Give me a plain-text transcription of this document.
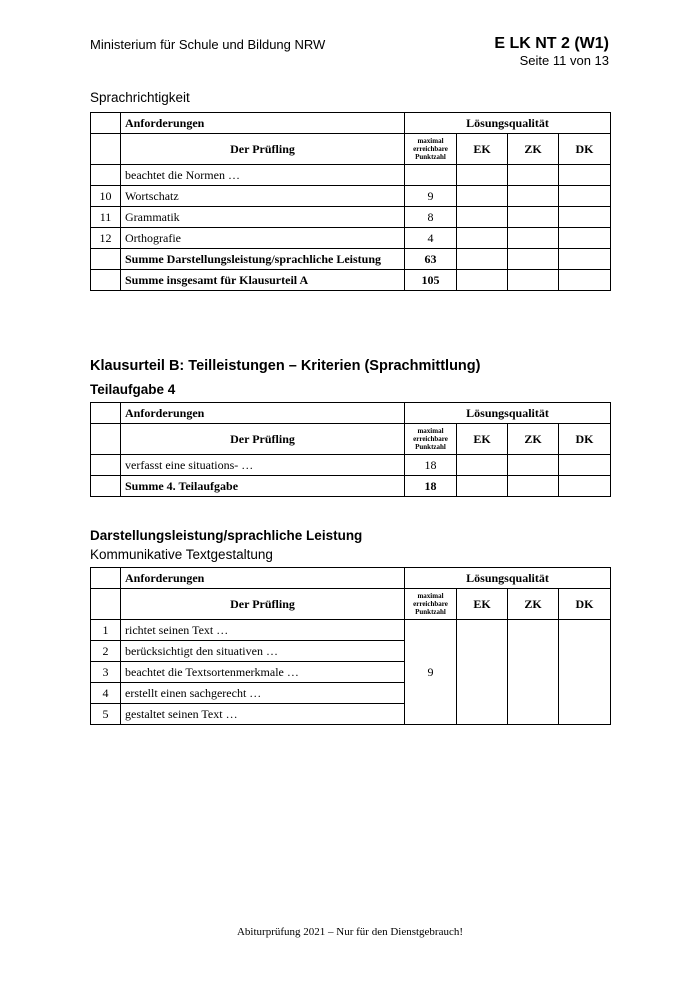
Ministerium für Schule und Bildung NRW	E LK NT 2 (W1)
Seite 11 von 13
Sprachrichtigkeit
	Anforderungen	Lösungsqualität			
	Der Prüfling	maximal erreichbare Punktzahl	EK	ZK	DK
	beachtet die Normen …				
10	Wortschatz	9			
11	Grammatik	8			
12	Orthografie	4			
	Summe Darstellungsleistung/sprachliche Leistung	63			
	Summe insgesamt für Klausurteil A	105			
Klausurteil B: Teilleistungen – Kriterien (Sprachmittlung)
Teilaufgabe 4
	Anforderungen	Lösungsqualität			
	Der Prüfling	maximal erreichbare Punktzahl	EK	ZK	DK
	verfasst eine situations- …	18			
	Summe 4. Teilaufgabe	18			
Darstellungsleistung/sprachliche Leistung
Kommunikative Textgestaltung
	Anforderungen	Lösungsqualität			
	Der Prüfling	maximal erreichbare Punktzahl	EK	ZK	DK
1	richtet seinen Text …	9			
2	berücksichtigt den situativen …				
3	beachtet die Textsortenmerkmale …				
4	erstellt einen sachgerecht …				
5	gestaltet seinen Text …				
Abiturprüfung 2021 – Nur für den Dienstgebrauch!
